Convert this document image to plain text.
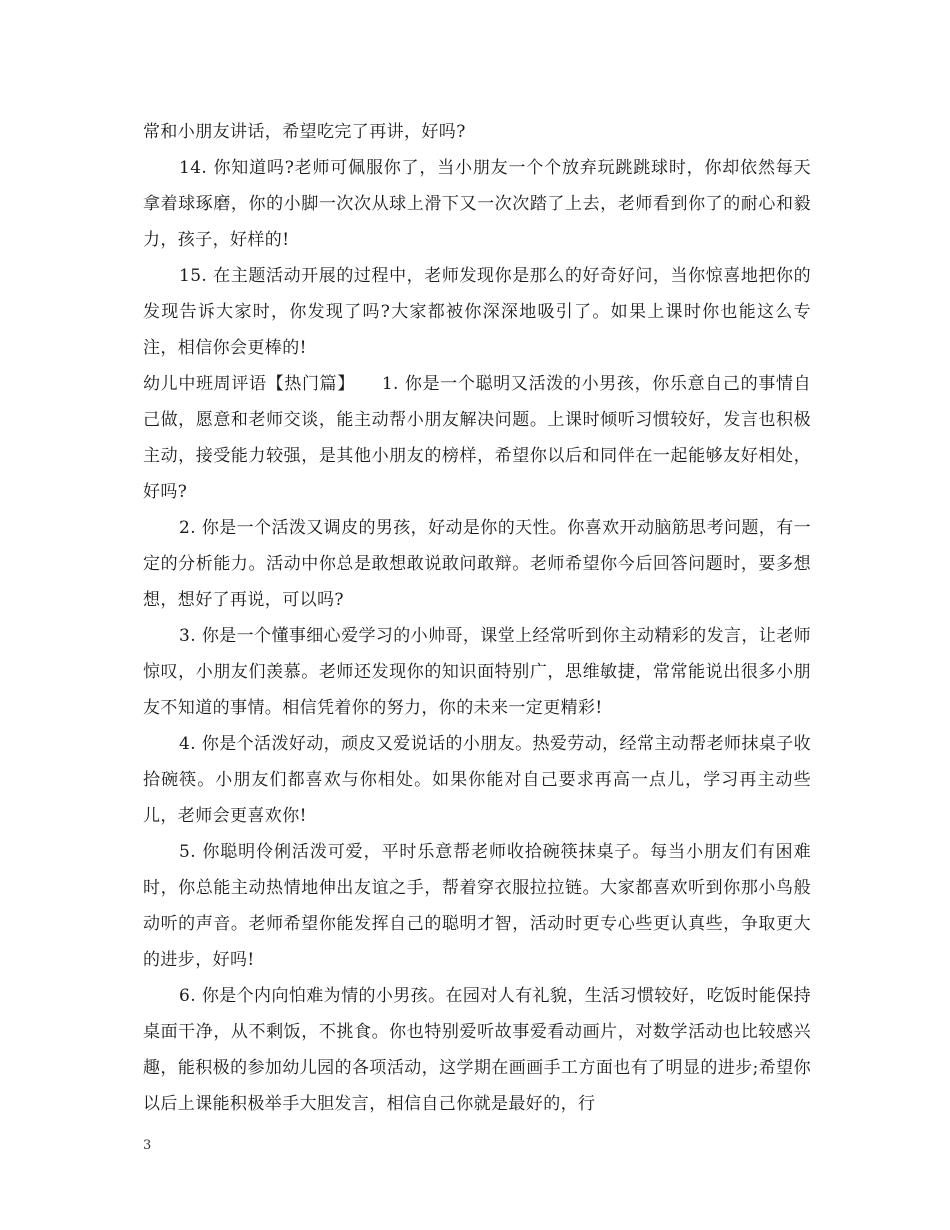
常和小朋友讲话，希望吃完了再讲，好吗?

14. 你知道吗?老师可佩服你了，当小朋友一个个放弃玩跳跳球时，你却依然每天拿着球琢磨，你的小脚一次次从球上滑下又一次次踏了上去，老师看到你了的耐心和毅力，孩子，好样的!

15. 在主题活动开展的过程中，老师发现你是那么的好奇好问，当你惊喜地把你的发现告诉大家时，你发现了吗?大家都被你深深地吸引了。如果上课时你也能这么专注，相信你会更棒的!

幼儿中班周评语【热门篇】　　1. 你是一个聪明又活泼的小男孩，你乐意自己的事情自己做，愿意和老师交谈，能主动帮小朋友解决问题。上课时倾听习惯较好，发言也积极主动，接受能力较强，是其他小朋友的榜样，希望你以后和同伴在一起能够友好相处，好吗?

2. 你是一个活泼又调皮的男孩，好动是你的天性。你喜欢开动脑筋思考问题，有一定的分析能力。活动中你总是敢想敢说敢问敢辩。老师希望你今后回答问题时，要多想想，想好了再说，可以吗?

3. 你是一个懂事细心爱学习的小帅哥，课堂上经常听到你主动精彩的发言，让老师惊叹，小朋友们羡慕。老师还发现你的知识面特别广，思维敏捷，常常能说出很多小朋友不知道的事情。相信凭着你的努力，你的未来一定更精彩!

4. 你是个活泼好动，顽皮又爱说话的小朋友。热爱劳动，经常主动帮老师抹桌子收拾碗筷。小朋友们都喜欢与你相处。如果你能对自己要求再高一点儿，学习再主动些儿，老师会更喜欢你!

5. 你聪明伶俐活泼可爱，平时乐意帮老师收拾碗筷抹桌子。每当小朋友们有困难时，你总能主动热情地伸出友谊之手，帮着穿衣服拉拉链。大家都喜欢听到你那小鸟般动听的声音。老师希望你能发挥自己的聪明才智，活动时更专心些更认真些，争取更大的进步，好吗!

6. 你是个内向怕难为情的小男孩。在园对人有礼貌，生活习惯较好，吃饭时能保持桌面干净，从不剩饭，不挑食。你也特别爱听故事爱看动画片，对数学活动也比较感兴趣，能积极的参加幼儿园的各项活动，这学期在画画手工方面也有了明显的进步;希望你以后上课能积极举手大胆发言，相信自己你就是最好的，行

3
